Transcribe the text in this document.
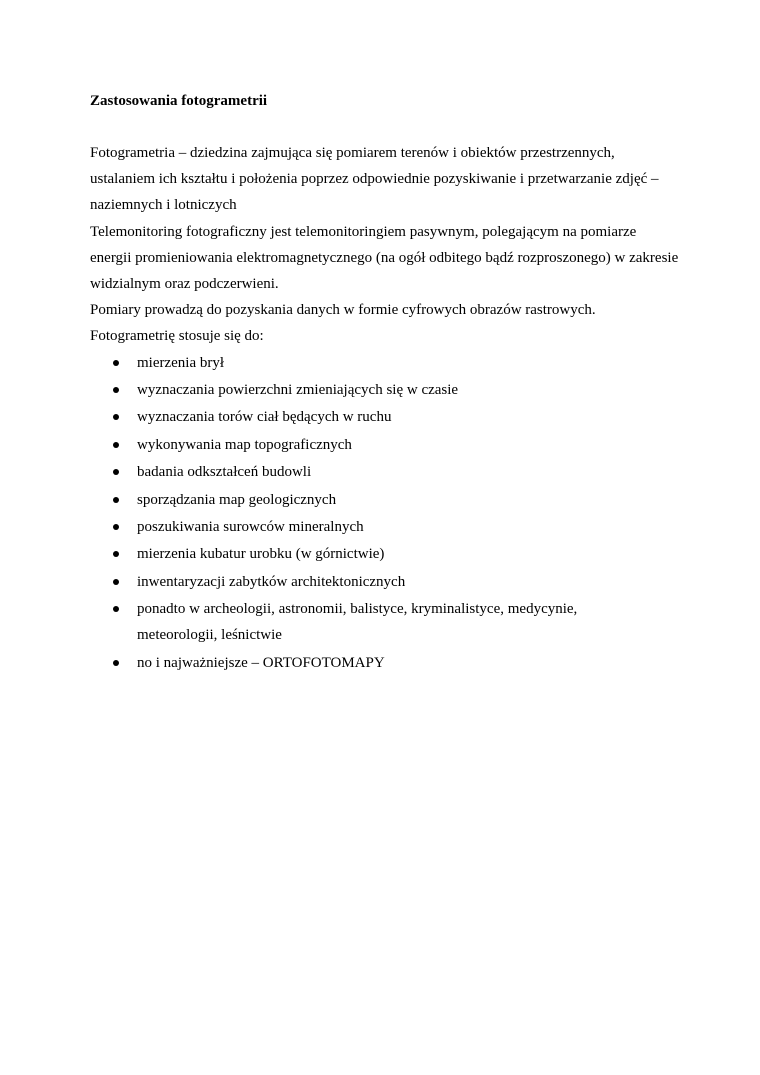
Zastosowania fotogrametrii

Fotogrametria – dziedzina zajmująca się pomiarem terenów i obiektów przestrzennych, ustalaniem ich kształtu i położenia poprzez odpowiednie pozyskiwanie i przetwarzanie zdjęć – naziemnych i lotniczych

Telemonitoring fotograficzny jest telemonitoringiem pasywnym, polegającym na pomiarze energii promieniowania elektromagnetycznego (na ogół odbitego bądź rozproszonego) w zakresie widzialnym oraz podczerwieni.

Pomiary prowadzą do pozyskania danych w formie cyfrowych obrazów rastrowych.

Fotogrametrię stosuje się do:

mierzenia brył
wyznaczania powierzchni zmieniających się w czasie
wyznaczania torów ciał będących w ruchu
wykonywania map topograficznych
badania odkształceń budowli
sporządzania map geologicznych
poszukiwania surowców mineralnych
mierzenia kubatur urobku (w górnictwie)
inwentaryzacji zabytków architektonicznych
ponadto w archeologii, astronomii, balistyce, kryminalistyce, medycynie, meteorologii, leśnictwie
no i najważniejsze – ORTOFOTOMAPY
